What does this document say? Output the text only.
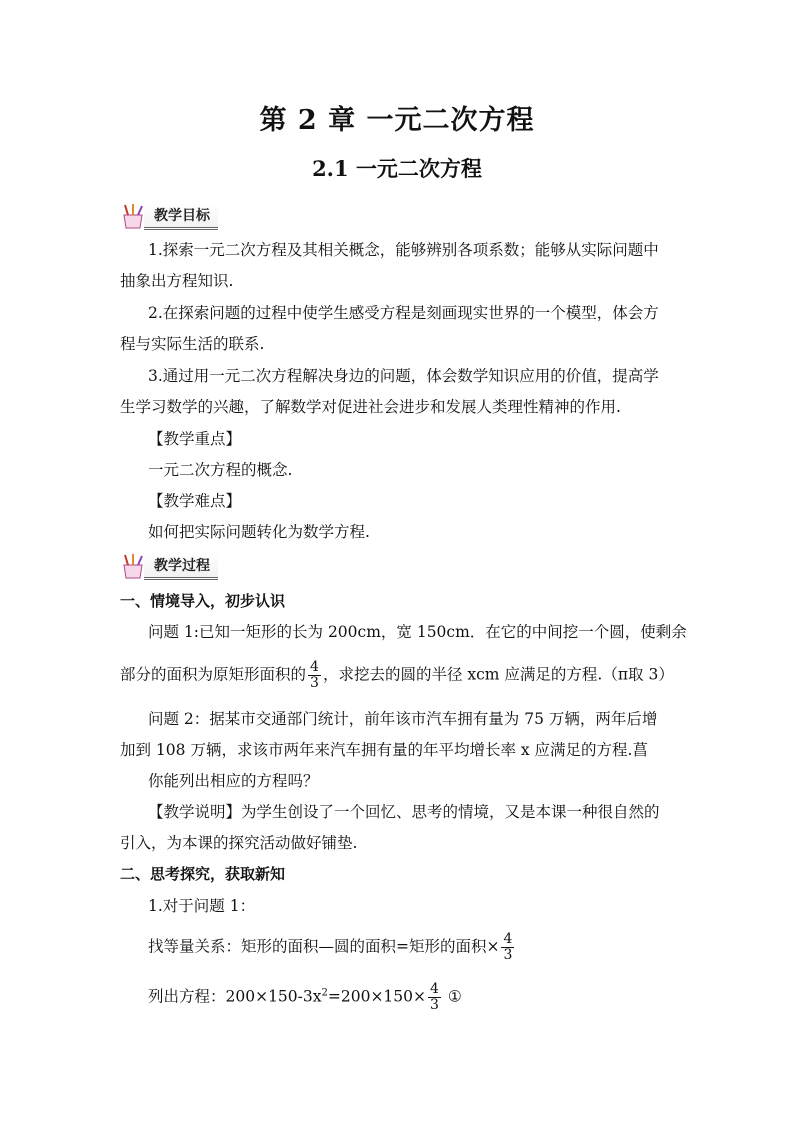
第 2 章 一元二次方程
2.1 一元二次方程
教学目标
1.探索一元二次方程及其相关概念，能够辨别各项系数；能够从实际问题中
抽象出方程知识.
2.在探索问题的过程中使学生感受方程是刻画现实世界的一个模型，体会方
程与实际生活的联系.
3.通过用一元二次方程解决身边的问题，体会数学知识应用的价值，提高学
生学习数学的兴趣，了解数学对促进社会进步和发展人类理性精神的作用.
【教学重点】
一元二次方程的概念.
【教学难点】
如何把实际问题转化为数学方程.
教学过程
一、情境导入，初步认识
问题 1:已知一矩形的长为 200cm，宽 150cm．在它的中间挖一个圆，使剩余
部分的面积为原矩形面积的 $\frac{4}{3}$ ，求挖去的圆的半径 xcm 应满足的方程.（π取 3）
问题 2：据某市交通部门统计，前年该市汽车拥有量为 75 万辆，两年后增
加到 108 万辆，求该市两年来汽车拥有量的年平均增长率 x 应满足的方程.菖
你能列出相应的方程吗？
【教学说明】为学生创设了一个回忆、思考的情境，又是本课一种很自然的
引入，为本课的探究活动做好铺垫.
二、思考探究，获取新知
1.对于问题 1：
找等量关系：矩形的面积—圆的面积=矩形的面积× $\frac{4}{3}$
列出方程：$200\times 150-3x^2=200\times 150\times \frac{4}{3}$ ①
